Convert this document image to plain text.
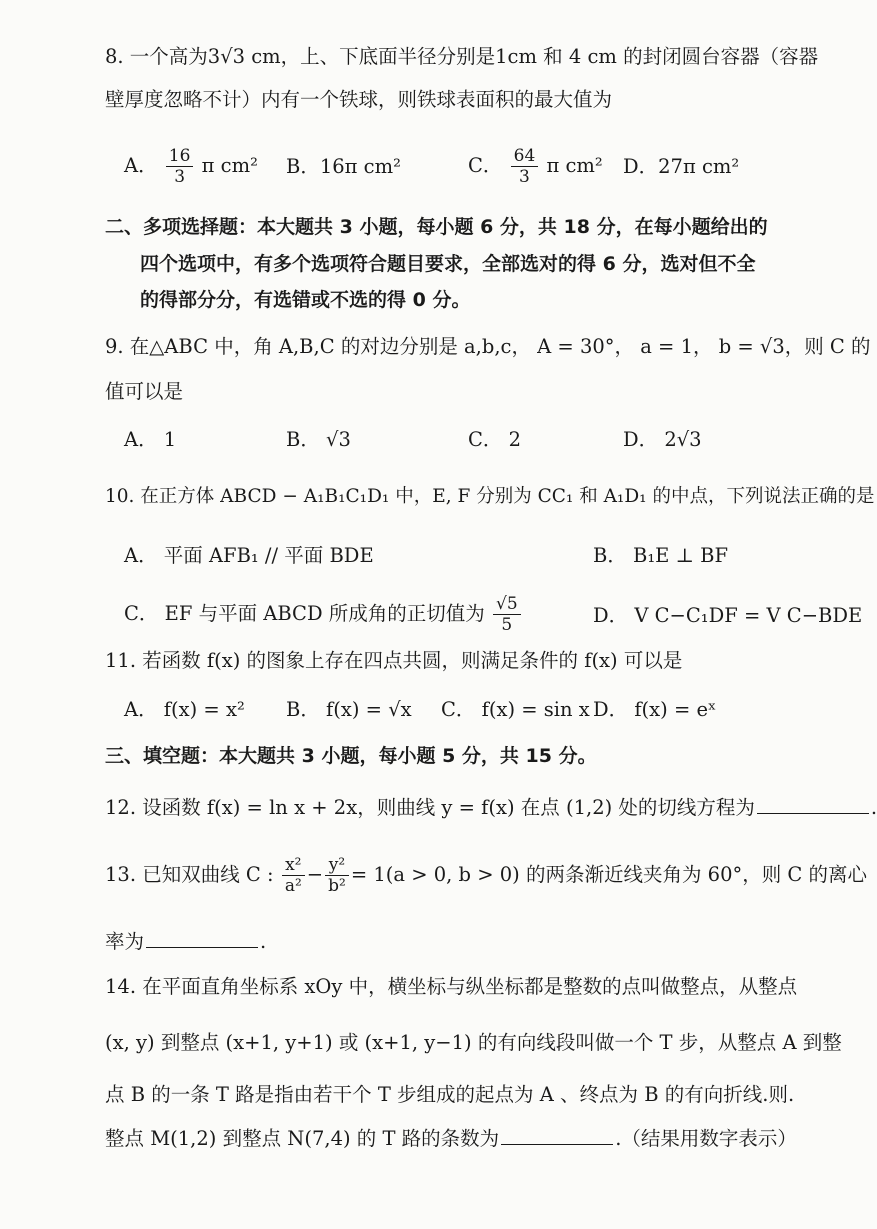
8. 一个高为3√3 cm，上、下底面半径分别是1cm 和 4 cm 的封闭圆台容器（容器
壁厚度忽略不计）内有一个铁球，则铁球表面积的最大值为
A． $\frac{16}{3}$ π cm² B．16π cm²	C． $\frac{64}{3}$ π cm² D．27π cm²
二、多项选择题：本大题共 3 小题，每小题 6 分，共 18 分，在每小题给出的
四个选项中，有多个选项符合题目要求，全部选对的得 6 分，选对但不全
的得部分分，有选错或不选的得 0 分。
9. 在△ABC 中，角 A,B,C 的对边分别是 a,b,c， A = 30°， a = 1， b = √3，则 C 的
值可以是
A． 1	B． √3	C． 2	D． 2√3
10. 在正方体 ABCD − A₁B₁C₁D₁ 中，E, F 分别为 CC₁ 和 A₁D₁ 的中点，下列说法正确的是
A． 平面 AFB₁ // 平面 BDE	B． B₁E ⊥ BF
C． EF 与平面 ABCD 所成角的正切值为 $\frac{√5}{5}$	D． V C−C₁DF = V C−BDE
11. 若函数 f(x) 的图象上存在四点共圆，则满足条件的 f(x) 可以是
A． f(x) = x² B． f(x) = √x C． f(x) = sin x D． f(x) = eˣ
三、填空题：本大题共 3 小题，每小题 5 分，共 15 分。
12. 设函数 f(x) = ln x + 2x，则曲线 y = f(x) 在点 (1,2) 处的切线方程为	.
13. 已知双曲线 C : $\frac{\text{x²}}{\text{a²}} - \frac{\text{y²}}{\text{b²}} = 1(a > 0$, b > 0) 的两条渐近线夹角为 60°，则 C 的离心
率为	.
14. 在平面直角坐标系 xOy 中，横坐标与纵坐标都是整数的点叫做整点，从整点
(x, y) 到整点 (x+1, y+1) 或 (x+1, y−1) 的有向线段叫做一个 T 步，从整点 A 到整
点 B 的一条 T 路是指由若干个 T 步组成的起点为 A 、终点为 B 的有向折线.则.
整点 M(1,2) 到整点 N(7,4) 的 T 路的条数为	.（结果用数字表示）
